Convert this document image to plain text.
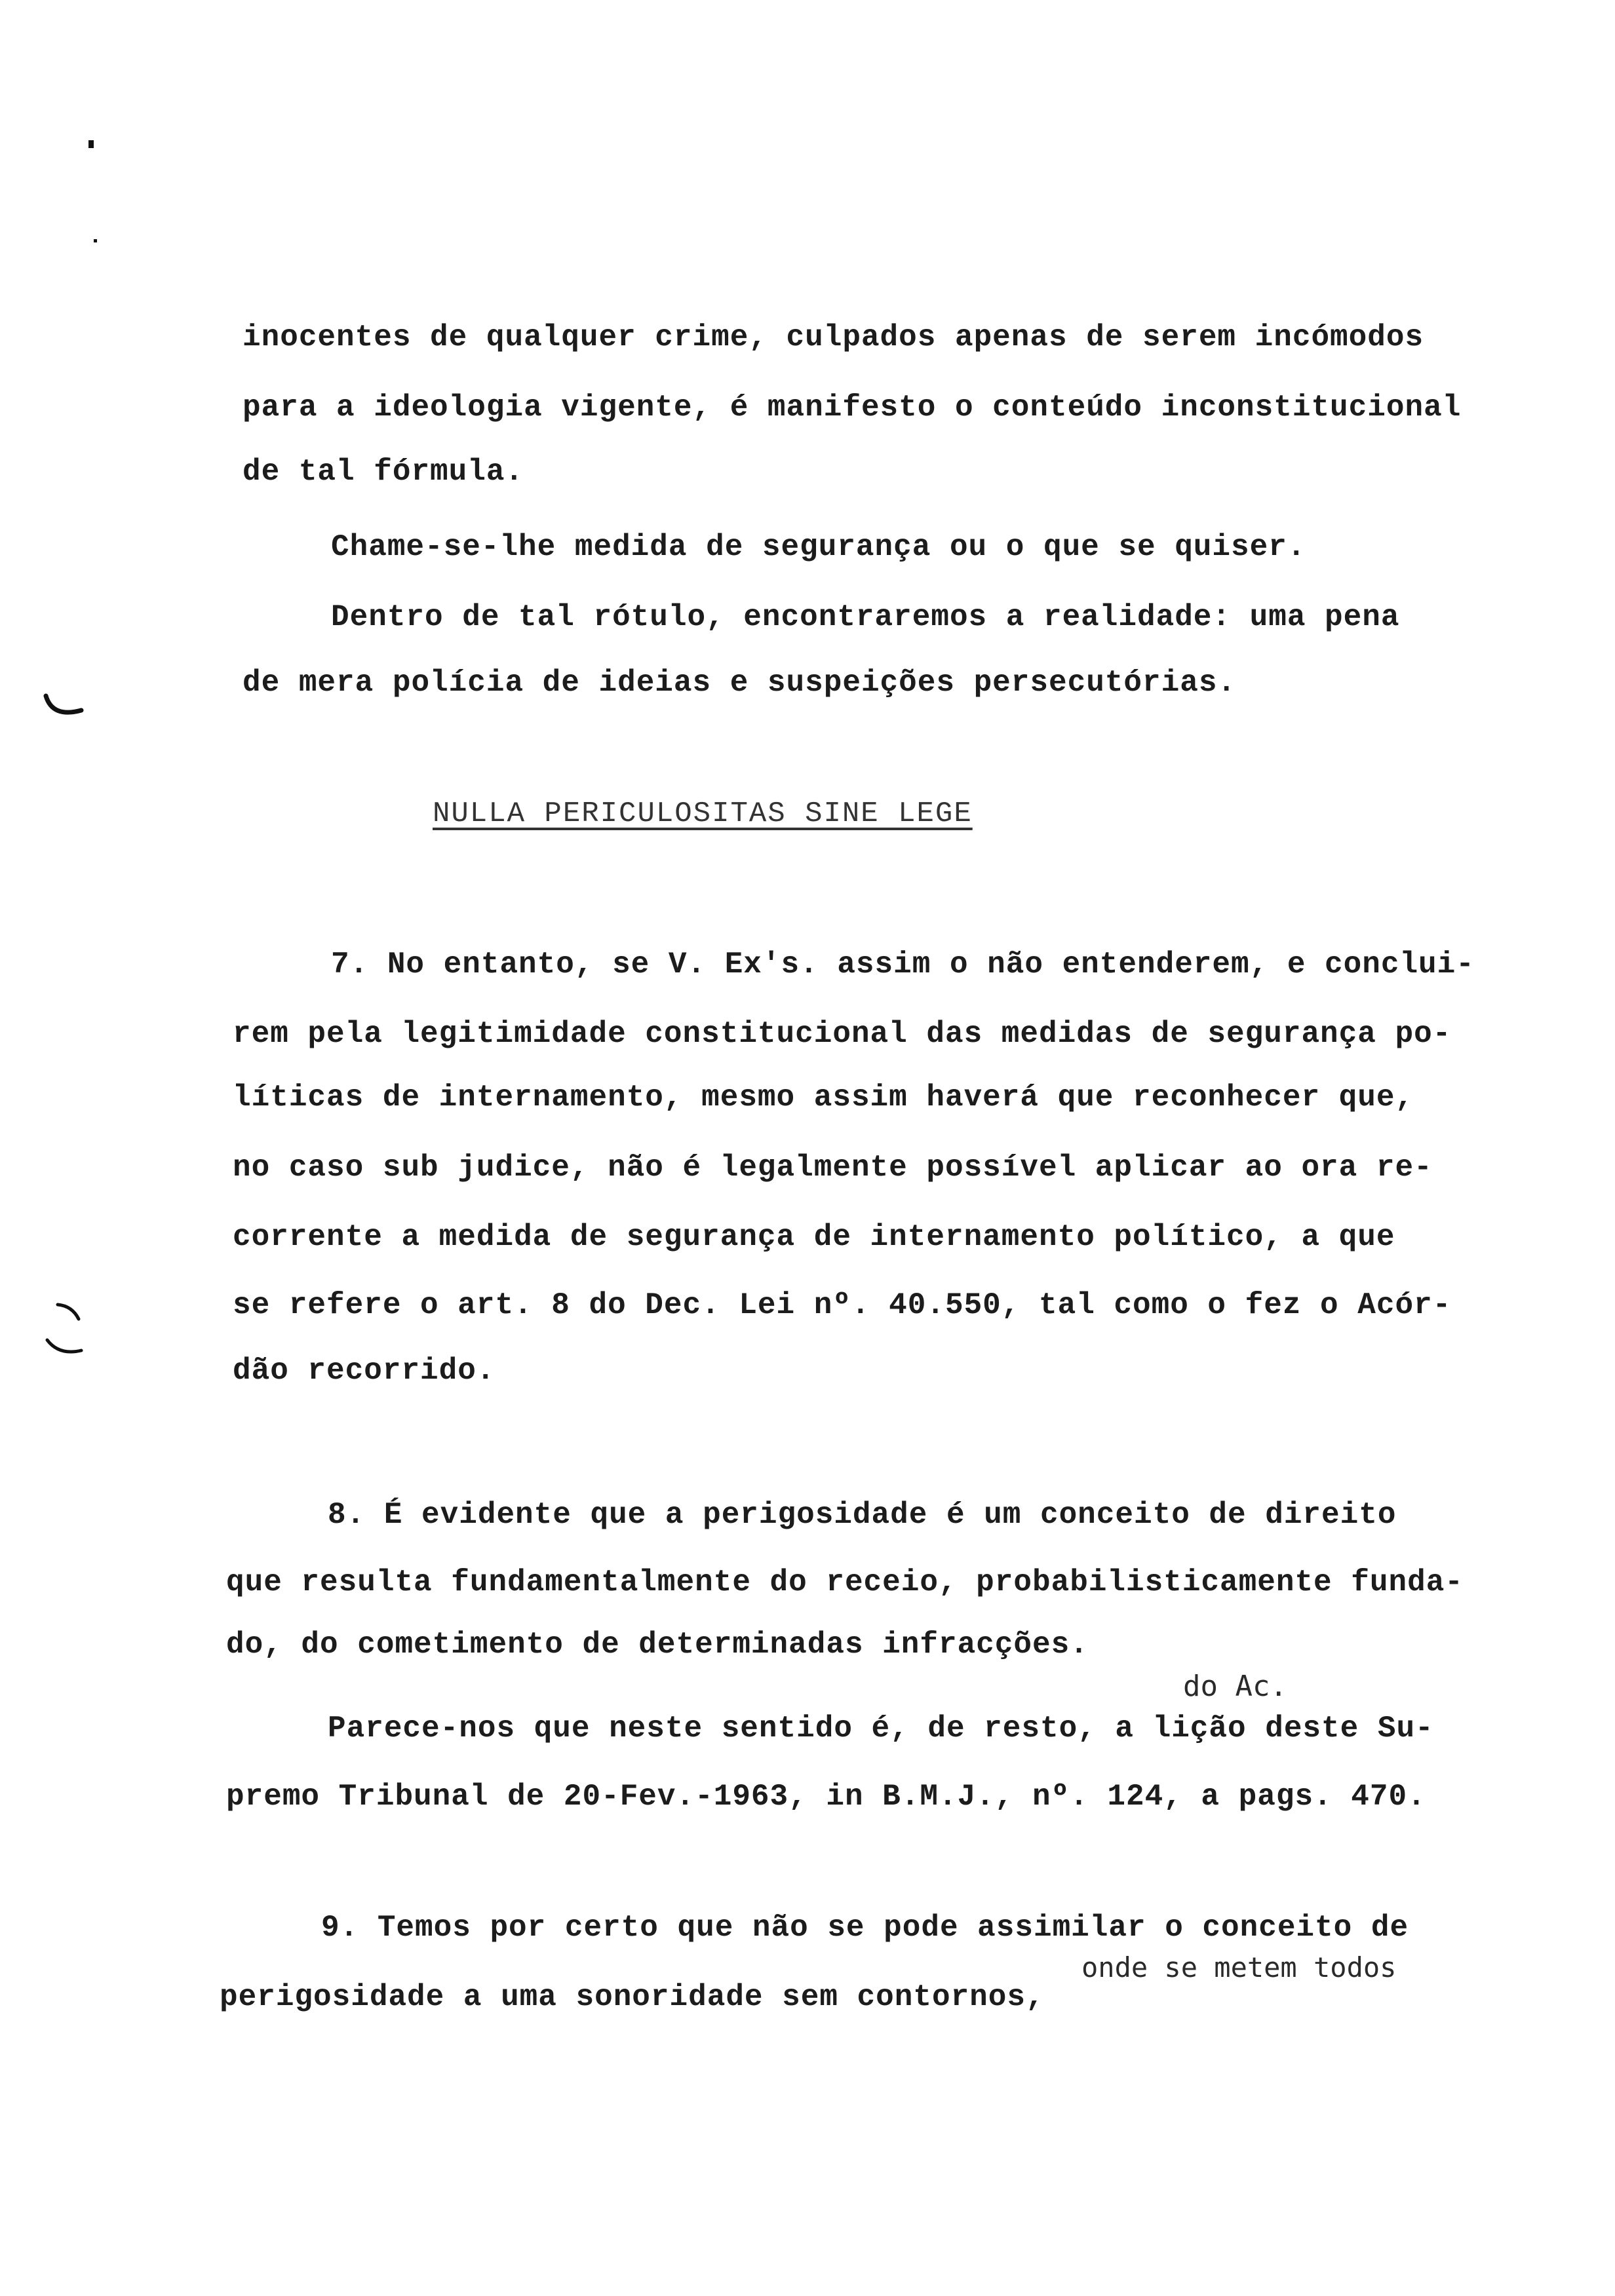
inocentes de qualquer crime, culpados apenas de serem incómodos
para a ideologia vigente, é manifesto o conteúdo inconstitucional
de tal fórmula.
Chame-se-lhe medida de segurança ou o que se quiser.
Dentro de tal rótulo, encontraremos a realidade: uma pena
de mera polícia de ideias e suspeições persecutórias.
NULLA PERICULOSITAS SINE LEGE
7. No entanto, se V. Ex's. assim o não entenderem, e conclui-
rem pela legitimidade constitucional das medidas de segurança po-
líticas de internamento, mesmo assim haverá que reconhecer que,
no caso sub judice, não é legalmente possível aplicar ao ora re-
corrente a medida de segurança de internamento político, a que
se refere o art. 8 do Dec. Lei nº. 40.550, tal como o fez o Acór-
dão recorrido.
8. É evidente que a perigosidade é um conceito de direito
que resulta fundamentalmente do receio, probabilisticamente funda-
do, do cometimento de determinadas infracções.
do Ac.
Parece-nos que neste sentido é, de resto, a lição deste Su-
premo Tribunal de 20-Fev.-1963, in B.M.J., nº. 124, a pags. 470.
9. Temos por certo que não se pode assimilar o conceito de
onde se metem todos
perigosidade a uma sonoridade sem contornos,
